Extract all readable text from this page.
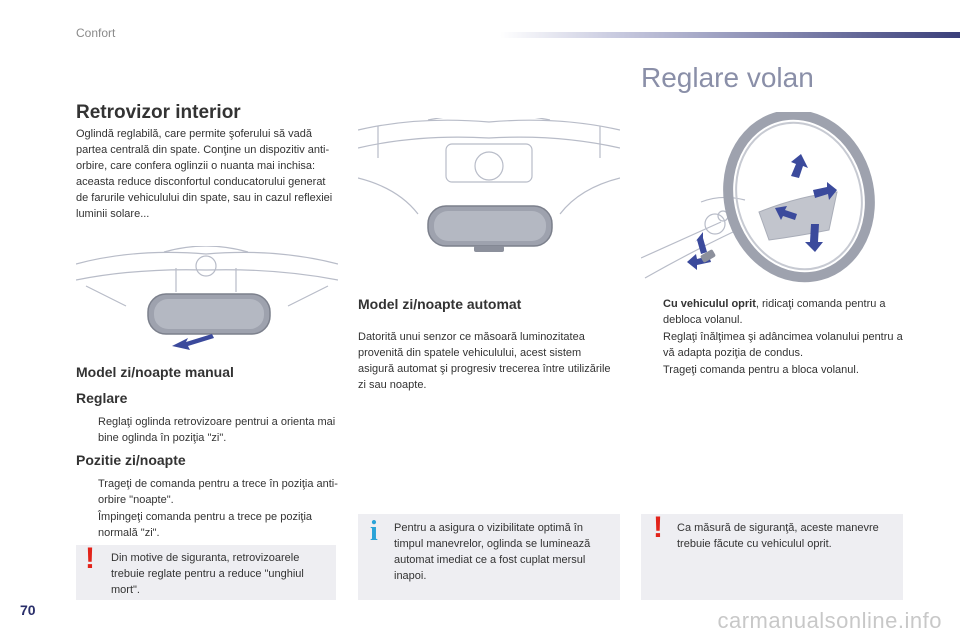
Confort
Reglare volan
Retrovizor interior

Oglindă reglabilă, care permite şoferului să vadă partea centrală din spate. Conţine un dispozitiv anti-orbire, care confera oglinzii o nuanta mai inchisa: aceasta reduce disconfortul conducatorului generat de farurile vehiculului din spate, sau in cazul reflexiei luminii solare...

Model zi/noapte manual
Reglare
Reglaţi oglinda retrovizoare pentrui a orienta mai bine oglinda în poziţia "zi".
Pozitie zi/noapte
Trageţi de comanda pentru a trece în poziţia anti-orbire "noapte".
Împingeţi comanda pentru a trece pe poziţia normală "zi".
! Din motive de siguranta, retrovizoarele trebuie reglate pentru a reduce "unghiul mort".
Model zi/noapte automat

Datorită unui senzor ce măsoară luminozitatea provenită din spatele vehiculului, acest sistem asigură automat şi progresiv trecerea între utilizările zi sau noapte.

i Pentru a asigura o vizibilitate optimă în timpul manevrelor, oglinda se luminează automat imediat ce a fost cuplat mersul inapoi.
Cu vehiculul oprit, ridicaţi comanda pentru a debloca volanul.
Reglaţi înălţimea şi adâncimea volanului pentru a vă adapta poziţia de condus.
Trageţi comanda pentru a bloca volanul.
! Ca măsură de siguranţă, aceste manevre trebuie făcute cu vehiculul oprit.
70	carmanualsonline.info
